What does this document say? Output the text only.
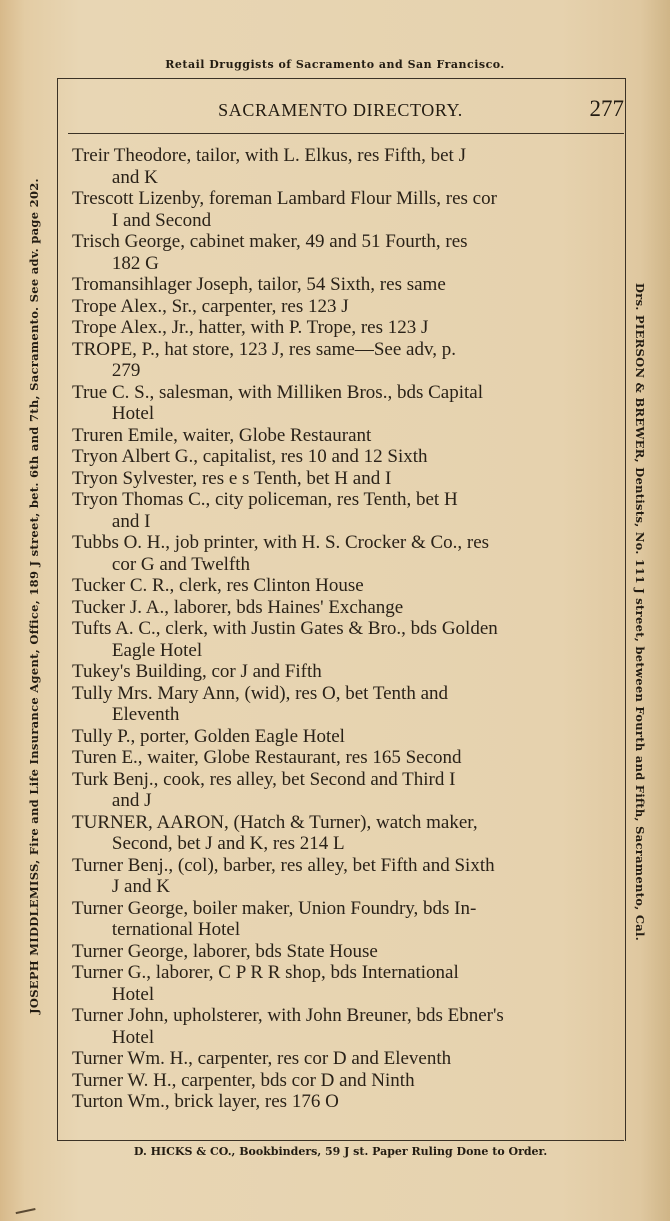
Retail Druggists of Sacramento and San Francisco.
SACRAMENTO DIRECTORY.	277
JOSEPH MIDDLEMISS, Fire and Life Insurance Agent, Office, 189 J street, bet. 6th and 7th, Sacramento. See adv. page 202.	Drs. PIERSON & BREWER, Dentists, No. 111 J street, between Fourth and Fifth, Sacramento, Cal.

Treir Theodore, tailor, with L. Elkus, res Fifth, bet J
and K

Trescott Lizenby, foreman Lambard Flour Mills, res cor
I and Second

Trisch George, cabinet maker, 49 and 51 Fourth, res
182 G

Tromansihlager Joseph, tailor, 54 Sixth, res same

Trope Alex., Sr., carpenter, res 123 J

Trope Alex., Jr., hatter, with P. Trope, res 123 J

TROPE, P., hat store, 123 J, res same—See adv, p.
279

True C. S., salesman, with Milliken Bros., bds Capital
Hotel

Truren Emile, waiter, Globe Restaurant

Tryon Albert G., capitalist, res 10 and 12 Sixth

Tryon Sylvester, res e s Tenth, bet H and I

Tryon Thomas C., city policeman, res Tenth, bet H
and I

Tubbs O. H., job printer, with H. S. Crocker & Co., res
cor G and Twelfth

Tucker C. R., clerk, res Clinton House

Tucker J. A., laborer, bds Haines' Exchange

Tufts A. C., clerk, with Justin Gates & Bro., bds Golden
Eagle Hotel

Tukey's Building, cor J and Fifth

Tully Mrs. Mary Ann, (wid), res O, bet Tenth and
Eleventh

Tully P., porter, Golden Eagle Hotel

Turen E., waiter, Globe Restaurant, res 165 Second

Turk Benj., cook, res alley, bet Second and Third I
and J

TURNER, AARON, (Hatch & Turner), watch maker,
Second, bet J and K, res 214 L

Turner Benj., (col), barber, res alley, bet Fifth and Sixth
J and K

Turner George, boiler maker, Union Foundry, bds In-
ternational Hotel

Turner George, laborer, bds State House

Turner G., laborer, C P R R shop, bds International
Hotel

Turner John, upholsterer, with John Breuner, bds Ebner's
Hotel

Turner Wm. H., carpenter, res cor D and Eleventh

Turner W. H., carpenter, bds cor D and Ninth

Turton Wm., brick layer, res 176 O

D. HICKS & CO., Bookbinders, 59 J st. Paper Ruling Done to Order.
